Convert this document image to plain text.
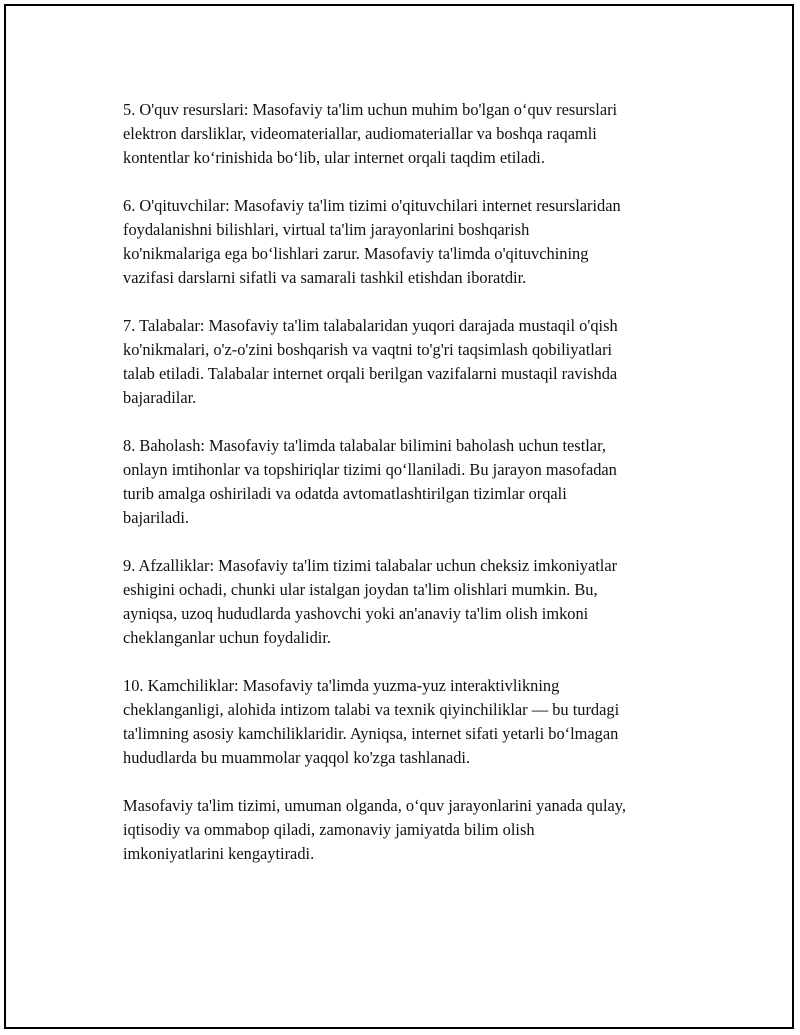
5. O'quv resurslari: Masofaviy ta'lim uchun muhim bo'lgan o‘quv resurslari
elektron darsliklar, videomateriallar, audiomateriallar va boshqa raqamli
kontentlar ko‘rinishida bo‘lib, ular internet orqali taqdim etiladi.

6. O'qituvchilar: Masofaviy ta'lim tizimi o'qituvchilari internet resurslaridan
foydalanishni bilishlari, virtual ta'lim jarayonlarini boshqarish
ko'nikmalariga ega bo‘lishlari zarur. Masofaviy ta'limda o'qituvchining
vazifasi darslarni sifatli va samarali tashkil etishdan iboratdir.

7. Talabalar: Masofaviy ta'lim talabalaridan yuqori darajada mustaqil o'qish
ko'nikmalari, o'z-o'zini boshqarish va vaqtni to'g'ri taqsimlash qobiliyatlari
talab etiladi. Talabalar internet orqali berilgan vazifalarni mustaqil ravishda
bajaradilar.

8. Baholash: Masofaviy ta'limda talabalar bilimini baholash uchun testlar,
onlayn imtihonlar va topshiriqlar tizimi qo‘llaniladi. Bu jarayon masofadan
turib amalga oshiriladi va odatda avtomatlashtirilgan tizimlar orqali
bajariladi.

9. Afzalliklar: Masofaviy ta'lim tizimi talabalar uchun cheksiz imkoniyatlar
eshigini ochadi, chunki ular istalgan joydan ta'lim olishlari mumkin. Bu,
ayniqsa, uzoq hududlarda yashovchi yoki an'anaviy ta'lim olish imkoni
cheklanganlar uchun foydalidir.

10. Kamchiliklar: Masofaviy ta'limda yuzma-yuz interaktivlikning
cheklanganligi, alohida intizom talabi va texnik qiyinchiliklar — bu turdagi
ta'limning asosiy kamchiliklaridir. Ayniqsa, internet sifati yetarli bo‘lmagan
hududlarda bu muammolar yaqqol ko'zga tashlanadi.

Masofaviy ta'lim tizimi, umuman olganda, o‘quv jarayonlarini yanada qulay,
iqtisodiy va ommabop qiladi, zamonaviy jamiyatda bilim olish
imkoniyatlarini kengaytiradi.
